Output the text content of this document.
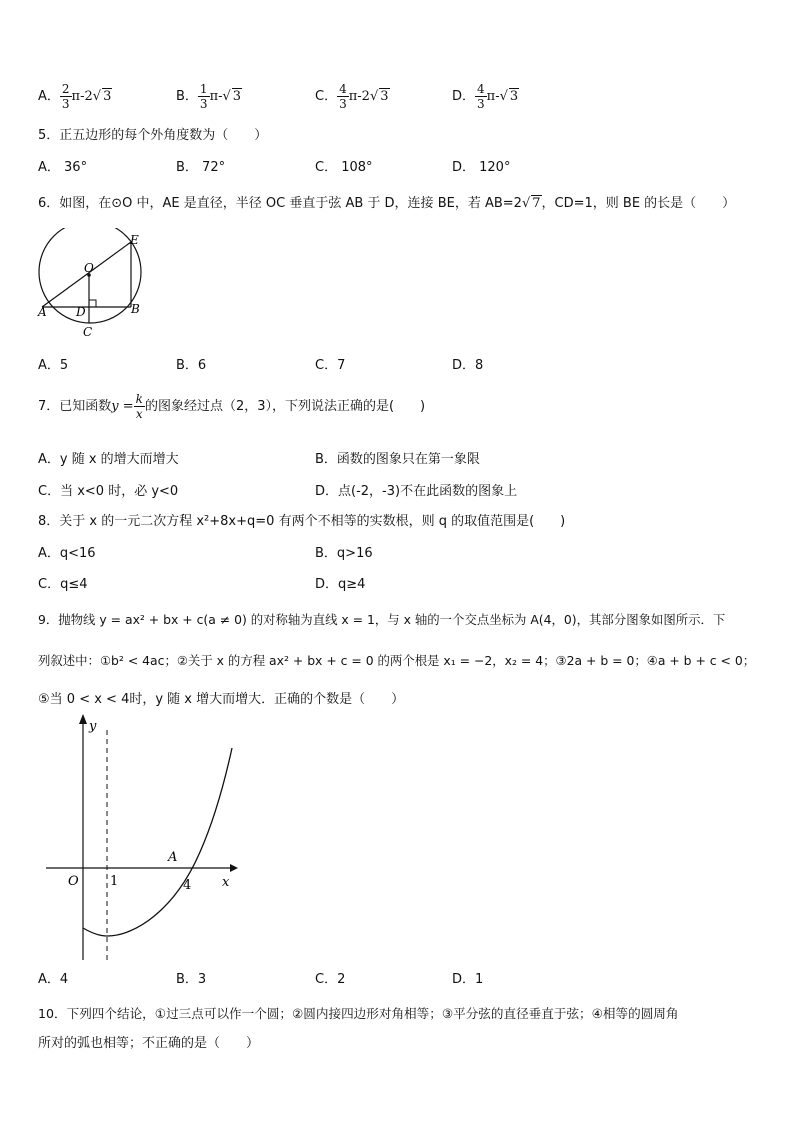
A． $\frac{2}{3} \pi-2√$ 3	B． $\frac{1}{3} \pi-√$ 3	C． $\frac{4}{3} \pi-2√$ 3	D． $\frac{4}{3} \pi-√$ 3
5．正五边形的每个外角度数为（　　）
A． 36°	B． 72°	C． 108°	D． 120°
6．如图，在⊙O 中，AE 是直径，半径 OC 垂直于弦 AB 于 D，连接 BE，若 AB=2√ 7，CD=1，则 BE 的长是（　　）
E
O
A D	B
C
A．5	B．6	C．7	D．8
7．已知函数$y = \frac{k}{x}$ 的图象经过点（2，3），下列说法正确的是(　　)
A．y 随 x 的增大而增大	B．函数的图象只在第一象限
C．当 x<0 时，必 y<0	D．点(-2，-3)不在此函数的图象上
8．关于 x 的一元二次方程 x²+8x+q=0 有两个不相等的实数根，则 q 的取值范围是(　　)
A．q<16	B．q>16
C．q≤4	D．q≥4
9．抛物线 y = ax² + bx + c(a ≠ 0) 的对称轴为直线 x = 1，与 x 轴的一个交点坐标为 A(4，0)，其部分图象如图所示．下
列叙述中：①b² < 4ac；②关于 x 的方程 ax² + bx + c = 0 的两个根是 x₁ = −2，x₂ = 4；③2a + b = 0；④a + b + c < 0；
⑤当 0 < x < 4时，y 随 x 增大而增大．正确的个数是（　　）
y
x
O 1	4
A
A．4	B．3	C．2	D．1
10．下列四个结论，①过三点可以作一个圆；②圆内接四边形对角相等；③平分弦的直径垂直于弦；④相等的圆周角
所对的弧也相等；不正确的是（　　）
